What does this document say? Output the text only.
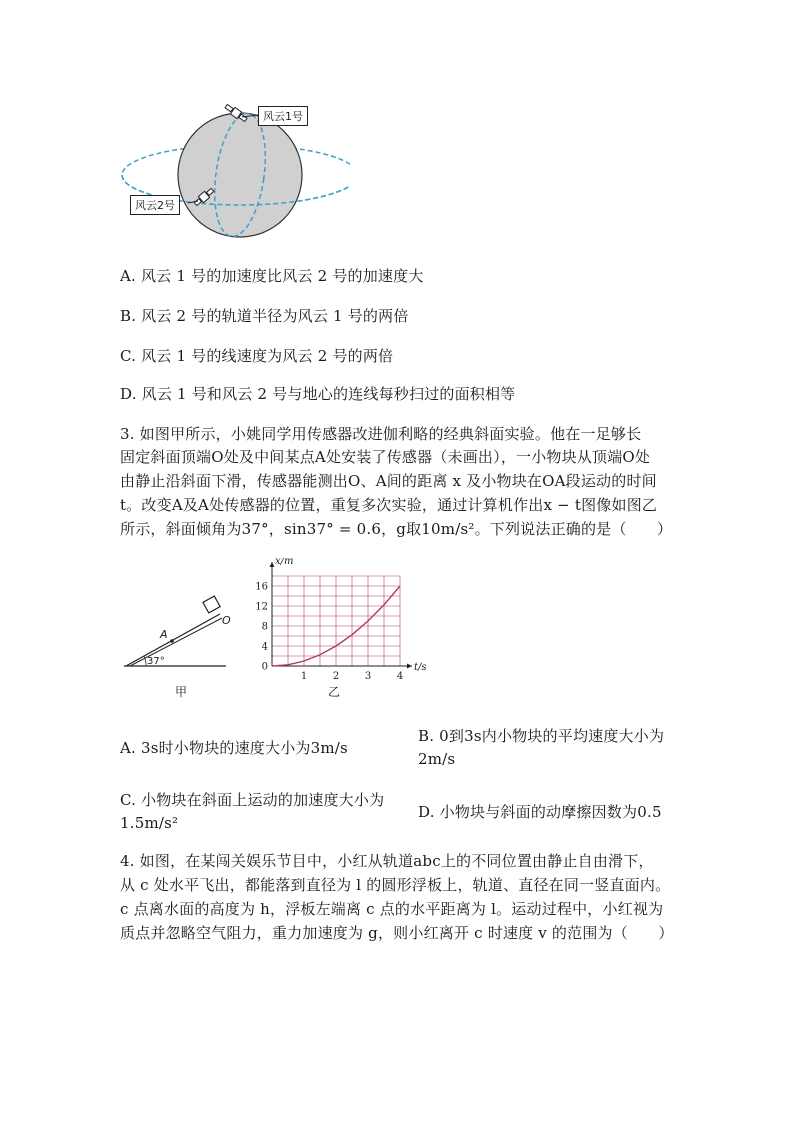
风云1号
风云2号
A. 风云 1 号的加速度比风云 2 号的加速度大
B. 风云 2 号的轨道半径为风云 1 号的两倍
C. 风云 1 号的线速度为风云 2 号的两倍
D. 风云 1 号和风云 2 号与地心的连线每秒扫过的面积相等
3. 如图甲所示，小姚同学用传感器改进伽利略的经典斜面实验。他在一足够长
固定斜面顶端O处及中间某点A处安装了传感器（未画出），一小物块从顶端O处
由静止沿斜面下滑，传感器能测出O、A间的距离 x 及小物块在OA段运动的时间
t。改变A及A处传感器的位置，重复多次实验，通过计算机作出x − t图像如图乙
所示，斜面倾角为37°，sin37° = 0.6，g取10m/s²。下列说法正确的是（　　）
O
A
37°
甲
1	2	3	4
0
4
8
12
16
t/s
x/m
乙
A. 3s时小物块的速度大小为3m/s
B. 0到3s内小物块的平均速度大小为
2m/s
C. 小物块在斜面上运动的加速度大小为
1.5m/s²
D. 小物块与斜面的动摩擦因数为0.5
4. 如图，在某闯关娱乐节目中，小红从轨道abc上的不同位置由静止自由滑下，
从 c 处水平飞出，都能落到直径为 l 的圆形浮板上，轨道、直径在同一竖直面内。
c 点离水面的高度为 h，浮板左端离 c 点的水平距离为 l。运动过程中，小红视为
质点并忽略空气阻力，重力加速度为 g，则小红离开 c 时速度 v 的范围为（　　）
